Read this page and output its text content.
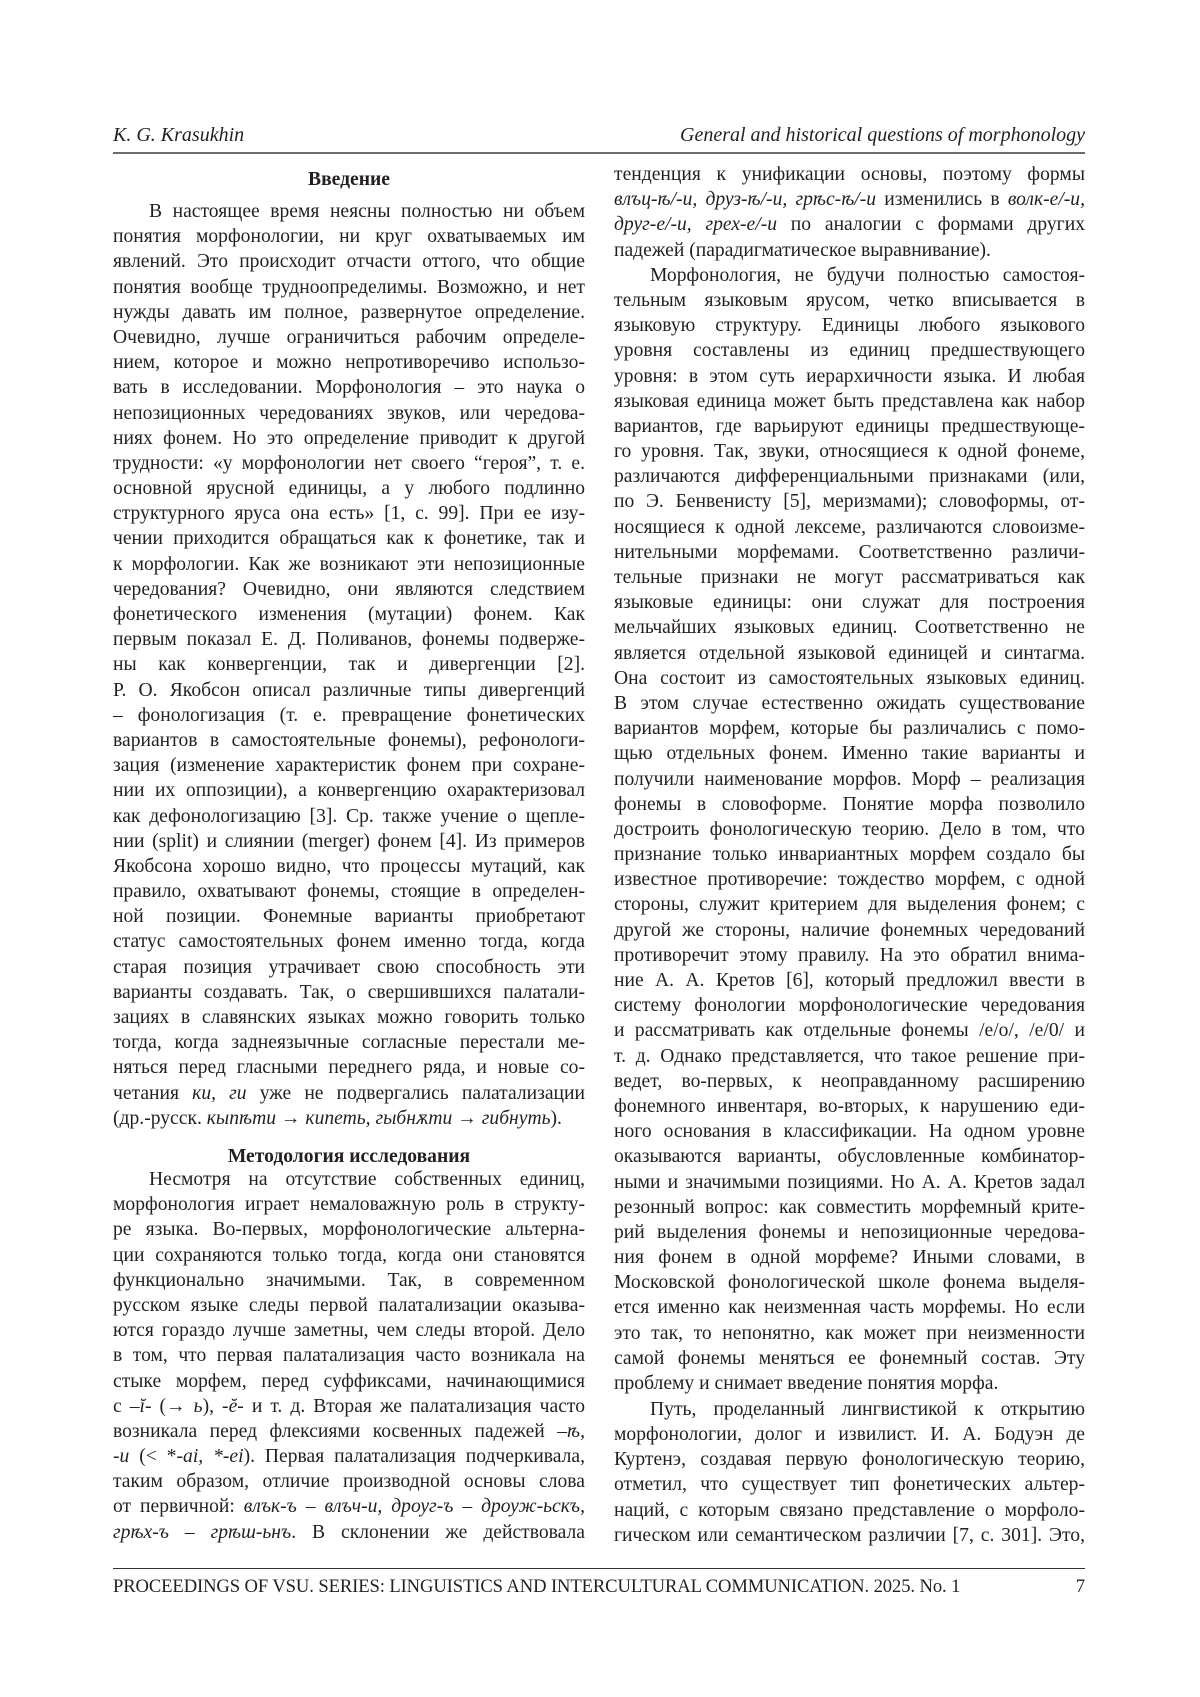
K. G. Krasukhin	General and historical questions of morphonology
Введение
В настоящее время неясны полностью ни объем
понятия морфонологии, ни круг охватываемых им
явлений. Это происходит отчасти оттого, что общие
понятия вообще трудноопределимы. Возможно, и нет
нужды давать им полное, развернутое определение.
Очевидно, лучше ограничиться рабочим определе-
нием, которое и можно непротиворечиво использо-
вать в исследовании. Морфонология – это наука о
непозиционных чередованиях звуков, или чередова-
ниях фонем. Но это определение приводит к другой
трудности: «у морфонологии нет своего “героя”, т. е.
основной ярусной единицы, а у любого подлинно
структурного яруса она есть» [1, с. 99]. При ее изу-
чении приходится обращаться как к фонетике, так и
к морфологии. Как же возникают эти непозиционные
чередования? Очевидно, они являются следствием
фонетического изменения (мутации) фонем. Как
первым показал Е. Д. Поливанов, фонемы подверже-
ны как конвергенции, так и дивергенции [2].
Р. О. Якобсон описал различные типы дивергенций
– фонологизация (т. е. превращение фонетических
вариантов в самостоятельные фонемы), рефонологи-
зация (изменение характеристик фонем при сохране-
нии их оппозиции), а конвергенцию охарактеризовал
как дефонологизацию [3]. Ср. также учение о щепле-
нии (split) и слиянии (merger) фонем [4]. Из примеров
Якобсона хорошо видно, что процессы мутаций, как
правило, охватывают фонемы, стоящие в определен-
ной позиции. Фонемные варианты приобретают
статус самостоятельных фонем именно тогда, когда
старая позиция утрачивает свою способность эти
варианты создавать. Так, о свершившихся палатали-
зациях в славянских языках можно говорить только
тогда, когда заднеязычные согласные перестали ме-
няться перед гласными переднего ряда, и новые со-
четания ки, ги уже не подвергались палатализации
(др.-русск. кыпѣти → кипеть, гыбнѫти → гибнуть).
Методология исследования
Несмотря на отсутствие собственных единиц,
морфонология играет немаловажную роль в структу-
ре языка. Во-первых, морфонологические альтерна-
ции сохраняются только тогда, когда они становятся
функционально значимыми. Так, в современном
русском языке следы первой палатализации оказыва-
ются гораздо лучше заметны, чем следы второй. Дело
в том, что первая палатализация часто возникала на
стыке морфем, перед суффиксами, начинающимися
с –ĭ- (→ ь), -ĕ- и т. д. Вторая же палатализация часто
возникала перед флексиями косвенных падежей –ѣ,
-и (< *-ai, *-ei). Первая палатализация подчеркивала,
таким образом, отличие производной основы слова
от первичной: влък-ъ – влъч-и, дроуг-ъ – дроуж-ьскъ,
грѣх-ъ – грѣш-ьнъ. В склонении же действовала
тенденция к унификации основы, поэтому формы
влъц-ѣ/-и, друз-ѣ/-и, грѣс-ѣ/-и изменились в волк-е/-и,
друг-е/-и, грех-е/-и по аналогии с формами других
падежей (парадигматическое выравнивание).
Морфонология, не будучи полностью самостоя-
тельным языковым ярусом, четко вписывается в
языковую структуру. Единицы любого языкового
уровня составлены из единиц предшествующего
уровня: в этом суть иерархичности языка. И любая
языковая единица может быть представлена как набор
вариантов, где варьируют единицы предшествующе-
го уровня. Так, звуки, относящиеся к одной фонеме,
различаются дифференциальными признаками (или,
по Э. Бенвенисту [5], меризмами); словоформы, от-
носящиеся к одной лексеме, различаются словоизме-
нительными морфемами. Соответственно различи-
тельные признаки не могут рассматриваться как
языковые единицы: они служат для построения
мельчайших языковых единиц. Соответственно не
является отдельной языковой единицей и синтагма.
Она состоит из самостоятельных языковых единиц.
В этом случае естественно ожидать существование
вариантов морфем, которые бы различались с помо-
щью отдельных фонем. Именно такие варианты и
получили наименование морфов. Морф – реализация
фонемы в словоформе. Понятие морфа позволило
достроить фонологическую теорию. Дело в том, что
признание только инвариантных морфем создало бы
известное противоречие: тождество морфем, с одной
стороны, служит критерием для выделения фонем; с
другой же стороны, наличие фонемных чередований
противоречит этому правилу. На это обратил внима-
ние А. А. Кретов [6], который предложил ввести в
систему фонологии морфонологические чередования
и рассматривать как отдельные фонемы /е/о/, /е/0/ и
т. д. Однако представляется, что такое решение при-
ведет, во-первых, к неоправданному расширению
фонемного инвентаря, во-вторых, к нарушению еди-
ного основания в классификации. На одном уровне
оказываются варианты, обусловленные комбинатор-
ными и значимыми позициями. Но А. А. Кретов задал
резонный вопрос: как совместить морфемный крите-
рий выделения фонемы и непозиционные чередова-
ния фонем в одной морфеме? Иными словами, в
Московской фонологической школе фонема выделя-
ется именно как неизменная часть морфемы. Но если
это так, то непонятно, как может при неизменности
самой фонемы меняться ее фонемный состав. Эту
проблему и снимает введение понятия морфа.
Путь, проделанный лингвистикой к открытию
морфонологии, долог и извилист. И. А. Бодуэн де
Куртенэ, создавая первую фонологическую теорию,
отметил, что существует тип фонетических альтер-
наций, с которым связано представление о морфоло-
гическом или семантическом различии [7, с. 301]. Это,
PROCEEDINGS OF VSU. SERIES: LINGUISTICS AND INTERCULTURAL COMMUNICATION. 2025. No. 1	7
